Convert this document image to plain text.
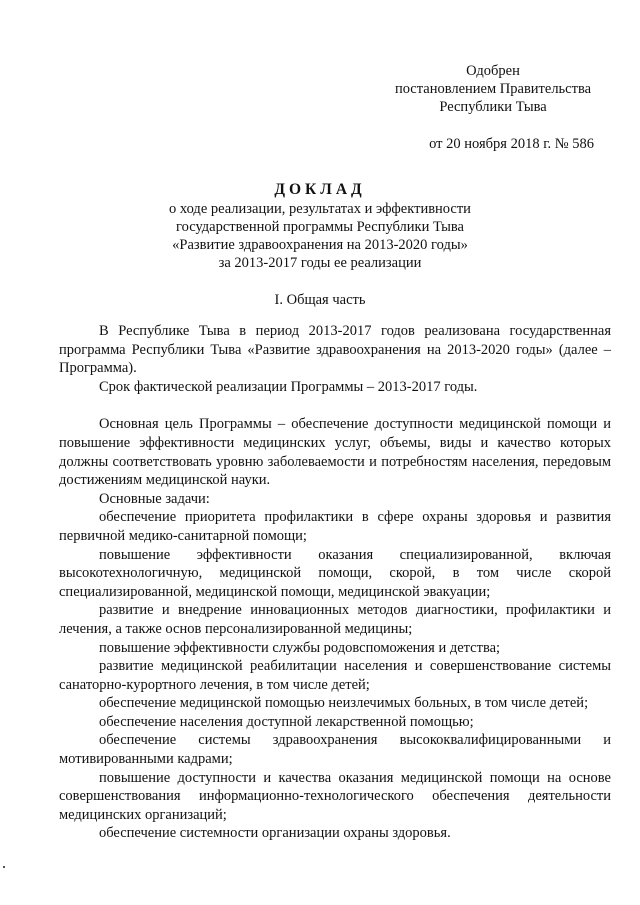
Одобрен
постановлением Правительства
Республики Тыва
от 20 ноября 2018 г. № 586
ДОКЛАД
о ходе реализации, результатах и эффективности
государственной программы Республики Тыва
«Развитие здравоохранения на 2013-2020 годы»
за 2013-2017 годы ее реализации
I. Общая часть

В Республике Тыва в период 2013-2017 годов реализована государственная программа Республики Тыва «Развитие здравоохранения на 2013-2020 годы» (далее – Программа).

Срок фактической реализации Программы – 2013-2017 годы.

Основная цель Программы – обеспечение доступности медицинской помощи и повышение эффективности медицинских услуг, объемы, виды и качество которых должны соответствовать уровню заболеваемости и потребностям населения, передовым достижениям медицинской науки.

Основные задачи:

обеспечение приоритета профилактики в сфере охраны здоровья и развития первичной медико-санитарной помощи;

повышение эффективности оказания специализированной, включая высокотехнологичную, медицинской помощи, скорой, в том числе скорой специализированной, медицинской помощи, медицинской эвакуации;

развитие и внедрение инновационных методов диагностики, профилактики и лечения, а также основ персонализированной медицины;

повышение эффективности службы родовспоможения и детства;

развитие медицинской реабилитации населения и совершенствование системы санаторно-курортного лечения, в том числе детей;

обеспечение медицинской помощью неизлечимых больных, в том числе детей;

обеспечение населения доступной лекарственной помощью;

обеспечение системы здравоохранения высококвалифицированными и мотивированными кадрами;

повышение доступности и качества оказания медицинской помощи на основе совершенствования информационно-технологического обеспечения деятельности медицинских организаций;

обеспечение системности организации охраны здоровья.
